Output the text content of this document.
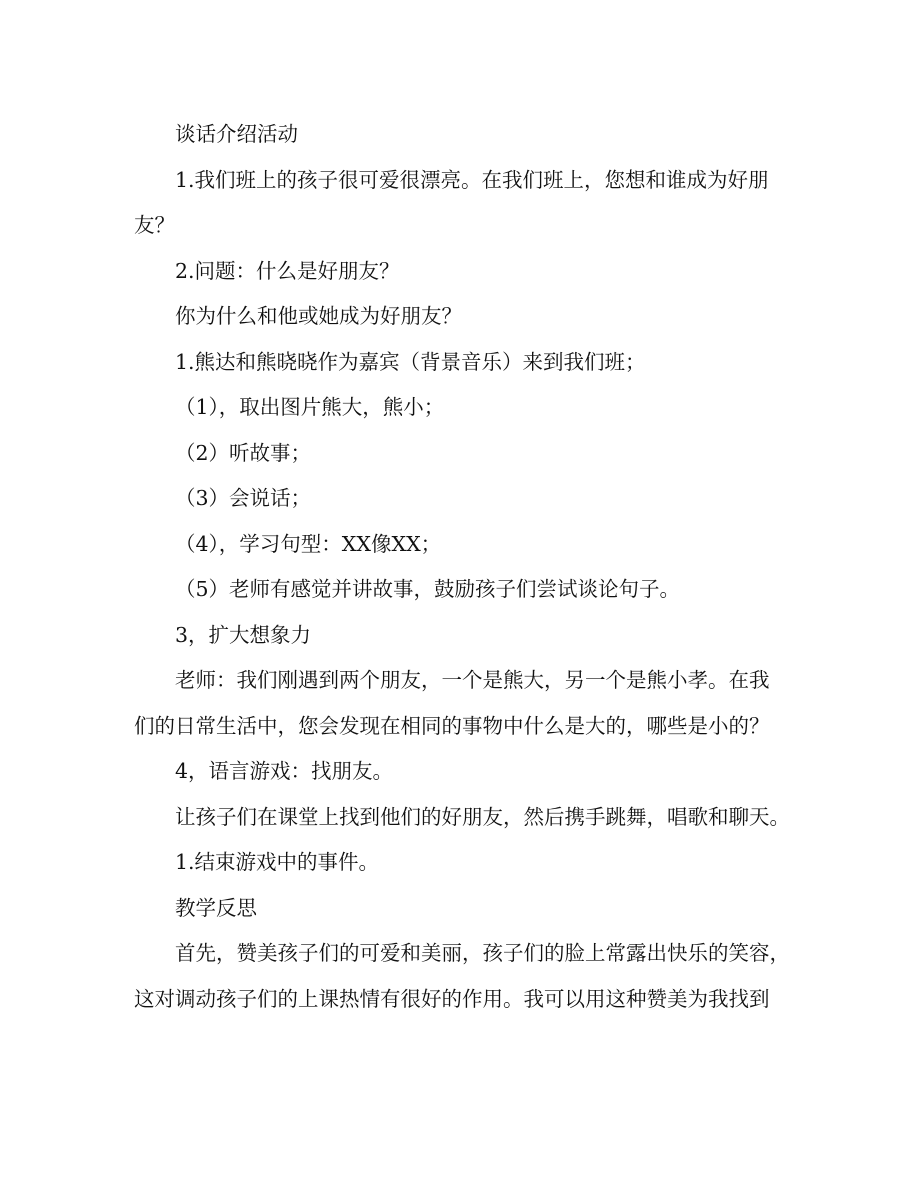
谈话介绍活动
1.我们班上的孩子很可爱很漂亮。在我们班上，您想和谁成为好朋
友？
2.问题：什么是好朋友？
你为什么和他或她成为好朋友？
1.熊达和熊晓晓作为嘉宾（背景音乐）来到我们班；
（1），取出图片熊大，熊小；
（2）听故事；
（3）会说话；
（4），学习句型：XX像XX；
（5）老师有感觉并讲故事，鼓励孩子们尝试谈论句子。
3，扩大想象力
老师：我们刚遇到两个朋友，一个是熊大，另一个是熊小孝。在我
们的日常生活中，您会发现在相同的事物中什么是大的，哪些是小的？
4，语言游戏：找朋友。
让孩子们在课堂上找到他们的好朋友，然后携手跳舞，唱歌和聊天。
1.结束游戏中的事件。
教学反思
首先，赞美孩子们的可爱和美丽，孩子们的脸上常露出快乐的笑容，
这对调动孩子们的上课热情有很好的作用。我可以用这种赞美为我找到
